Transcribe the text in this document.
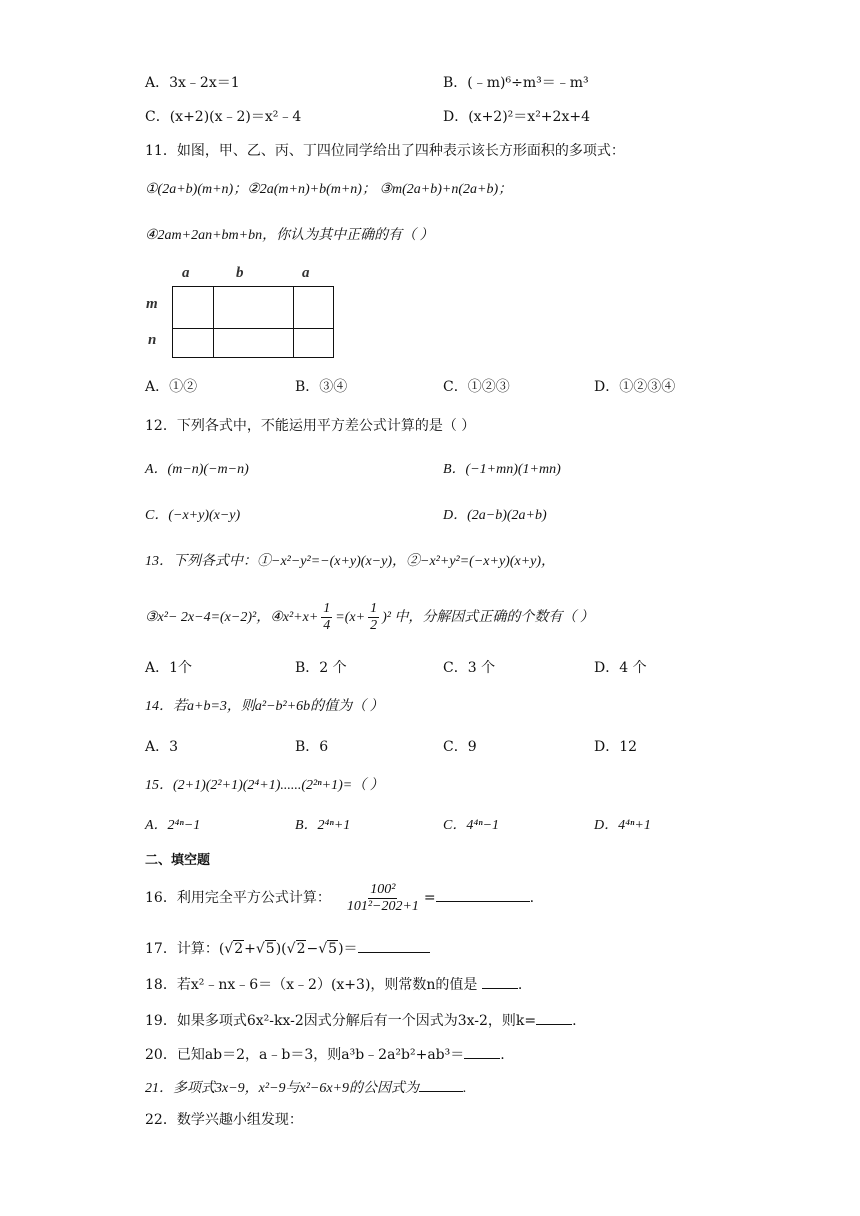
A．3x﹣2x＝1	B．(﹣m)⁶÷m³＝﹣m³
C．(x+2)(x﹣2)＝x²﹣4	D．(x+2)²＝x²+2x+4
11．如图，甲、乙、丙、丁四位同学给出了四种表示该长方形面积的多项式：
①(2a+b)(m+n)；②2a(m+n)+b(m+n)； ③m(2a+b)+n(2a+b)；
④2am+2an+bm+bn，你认为其中正确的有（ ）
a	b	a
m
n
A．①②	B．③④	C．①②③	D．①②③④
12．下列各式中，不能运用平方差公式计算的是（ ）
A．(m−n)(−m−n)	B．(−1+mn)(1+mn)
C．(−x+y)(x−y)	D．(2a−b)(2a+b)
13．下列各式中：①−x²−y²=−(x+y)(x−y)，②−x²+y²=(−x+y)(x+y)，
③x²− 2x−4=(x−2)²，④x²+x+ $\frac{1}{4} =(x+ \frac{1}{2} )^2$ 中，分解因式正确的个数有（ ）
A．1个	B．2 个	C．3 个	D．4 个
14．若a+b=3，则a²−b²+6b的值为（ ）
A．3	B．6	C．9	D．12
15．(2+1)(2²+1)(2⁴+1)......(2²ⁿ+1)=（ ）
A．2⁴ⁿ−1	B．2⁴ⁿ+1	C．4⁴ⁿ−1	D．4⁴ⁿ+1
二、填空题
16．利用完全平方公式计算： $\frac{\text{100²}}{\text{101²−202+1}}$ =	.
17．计算：(√2+√5)(√2−√5)＝
18．若x²﹣nx﹣6＝（x﹣2）(x+3)，则常数n的值是	.
19．如果多项式6x²-kx-2因式分解后有一个因式为3x-2，则k=	.
20．已知ab＝2，a﹣b＝3，则a³b﹣2a²b²+ab³＝	.
21．多项式3x−9，x²−9与x²−6x+9的公因式为	.
22．数学兴趣小组发现：
